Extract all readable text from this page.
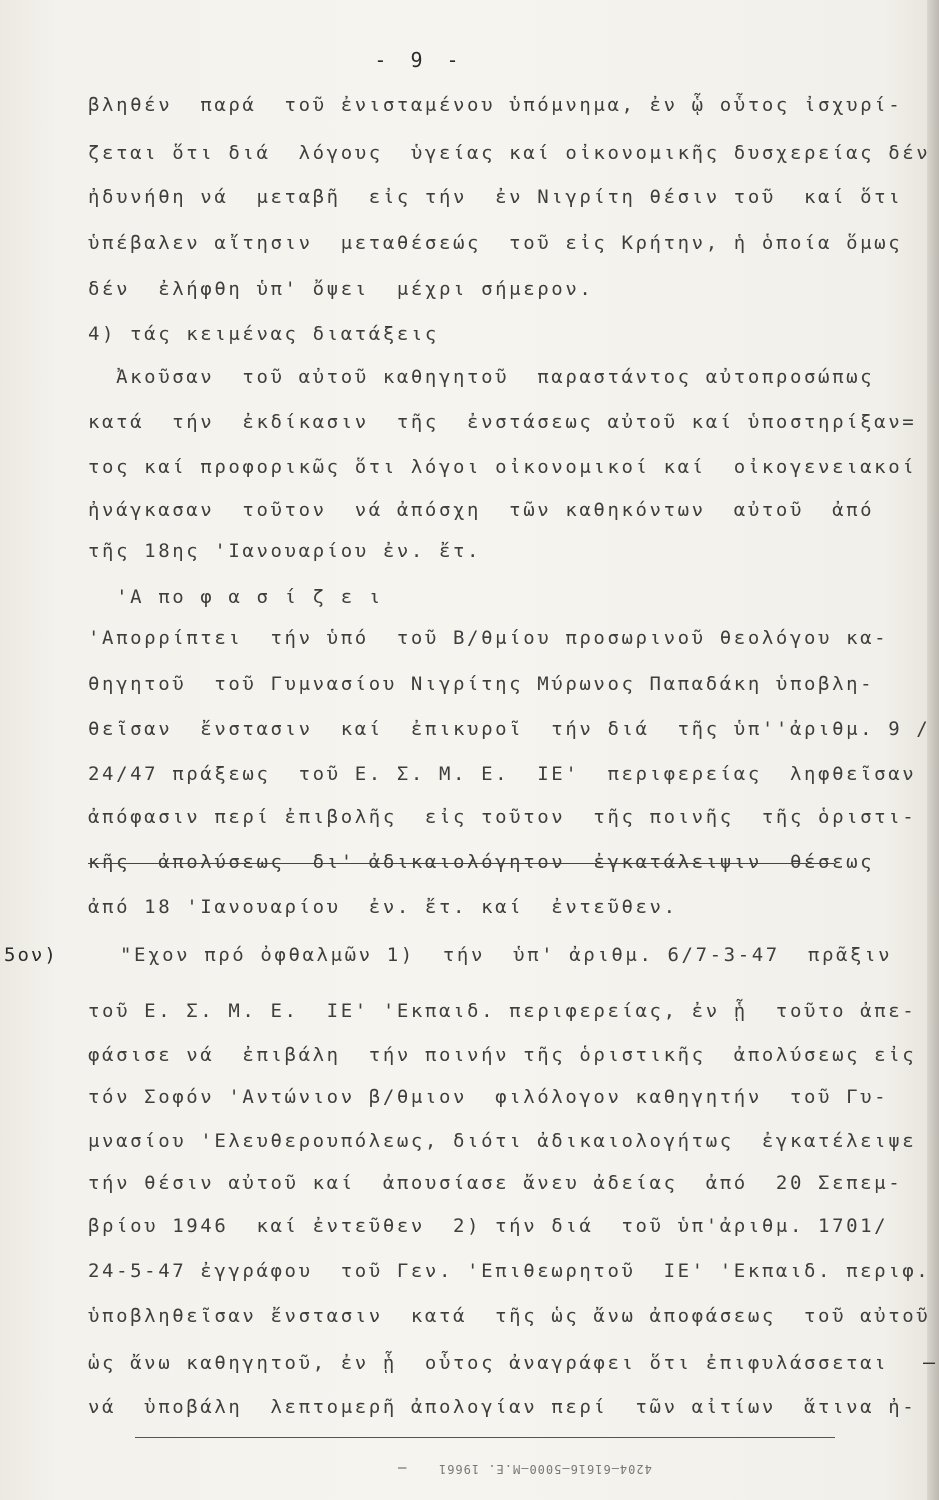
- 9 -
βληθέν  παρά  τοῦ ἐνισταμένου ὑπόμνημα, ἐν ᾧ οὗτος ἰσχυρί-
ζεται ὅτι διά  λόγους  ὑγείας καί οἰκονομικῆς δυσχερείας δέν
ἠδυνήθη νά  μεταβῆ  εἰς τήν  ἐν Νιγρίτη θέσιν τοῦ  καί ὅτι
ὑπέβαλεν αἴτησιν  μεταθέσεώς  τοῦ εἰς Κρήτην, ἡ ὁποία ὅμως
δέν  ἐλήφθη ὑπ' ὄψει  μέχρι σήμερον.
4) τάς κειμένας διατάξεις
Ἀκοῦσαν  τοῦ αὐτοῦ καθηγητοῦ  παραστάντος αὐτοπροσώπως
κατά  τήν  ἐκδίκασιν  τῆς  ἐνστάσεως αὐτοῦ καί ὑποστηρίξαν=
τος καί προφορικῶς ὅτι λόγοι οἰκονομικοί καί  οἰκογενειακοί
ἠνάγκασαν  τοῦτον  νά ἀπόσχη  τῶν καθηκόντων  αὐτοῦ  ἀπό
τῆς 18ης 'Ιανουαρίου ἐν. ἔτ.
'Α πο φ α σ ί ζ ε ι
'Απορρίπτει  τήν ὑπό  τοῦ Β/θμίου προσωρινοῦ θεολόγου κα-
θηγητοῦ  τοῦ Γυμνασίου Νιγρίτης Μύρωνος Παπαδάκη ὑποβλη-
θεῖσαν  ἔνστασιν  καί  ἐπικυροῖ  τήν διά  τῆς ὑπ''ἀριθμ. 9 /
24/47 πράξεως  τοῦ Ε. Σ. Μ. Ε.  ΙΕ'  περιφερείας  ληφθεῖσαν
ἀπόφασιν περί ἐπιβολῆς  εἰς τοῦτον  τῆς ποινῆς  τῆς ὁριστι-
κῆς  ἀπολύσεως  δι' ἀδικαιολόγητον  ἐγκατάλειψιν  θέσεως
ἀπό 18 'Ιανουαρίου  ἐν. ἔτ. καί  ἐντεῦθεν.
5ον)	"Εχον πρό ὀφθαλμῶν 1)  τήν  ὑπ' ἀριθμ. 6/7-3-47  πρᾶξιν
τοῦ Ε. Σ. Μ. Ε.  ΙΕ' 'Εκπαιδ. περιφερείας, ἐν ᾗ  τοῦτο ἀπε-
φάσισε νά  ἐπιβάλη  τήν ποινήν τῆς ὁριστικῆς  ἀπολύσεως εἰς
τόν Σοφόν 'Αντώνιον β/θμιον  φιλόλογον καθηγητήν  τοῦ Γυ-
μνασίου 'Ελευθερουπόλεως, διότι ἀδικαιολογήτως  ἐγκατέλειψε
τήν θέσιν αὐτοῦ καί  ἀπουσίασε ἄνευ ἀδείας  ἀπό  20 Σεπεμ-
βρίου 1946  καί ἐντεῦθεν  2) τήν διά  τοῦ ὑπ'ἀριθμ. 1701/
24-5-47 ἐγγράφου  τοῦ Γεν. 'Επιθεωρητοῦ  ΙΕ' 'Εκπαιδ. περιφ.
ὑποβληθεῖσαν ἔνστασιν  κατά  τῆς ὡς ἄνω ἀποφάσεως  τοῦ αὐτοῦ
ὡς ἄνω καθηγητοῦ, ἐν ᾗ  οὗτος ἀναγράφει ὅτι ἐπιφυλάσσεται
νά  ὑποβάλη  λεπτομερῆ ἀπολογίαν περί  τῶν αἰτίων  ἅτινα ἠ-
—
—	4204—61616—5000—Μ.Ε. 19661
